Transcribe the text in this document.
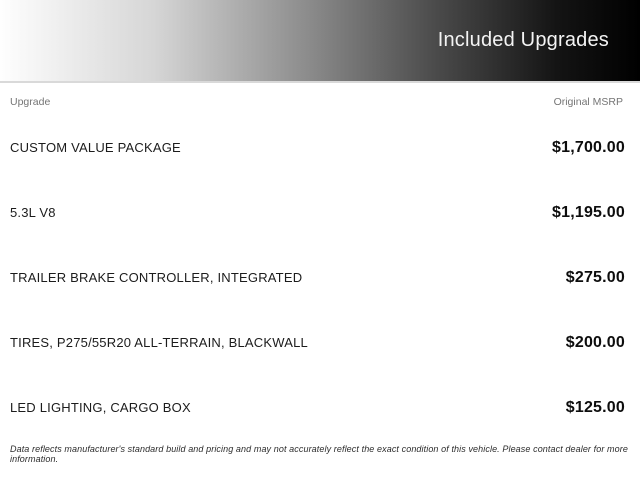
Included Upgrades
Upgrade	Original MSRP
CUSTOM VALUE PACKAGE	$1,700.00
5.3L V8	$1,195.00
TRAILER BRAKE CONTROLLER, INTEGRATED	$275.00
TIRES, P275/55R20 ALL-TERRAIN, BLACKWALL	$200.00
LED LIGHTING, CARGO BOX	$125.00
Data reflects manufacturer's standard build and pricing and may not accurately reflect the exact condition of this vehicle. Please contact dealer for more information.
